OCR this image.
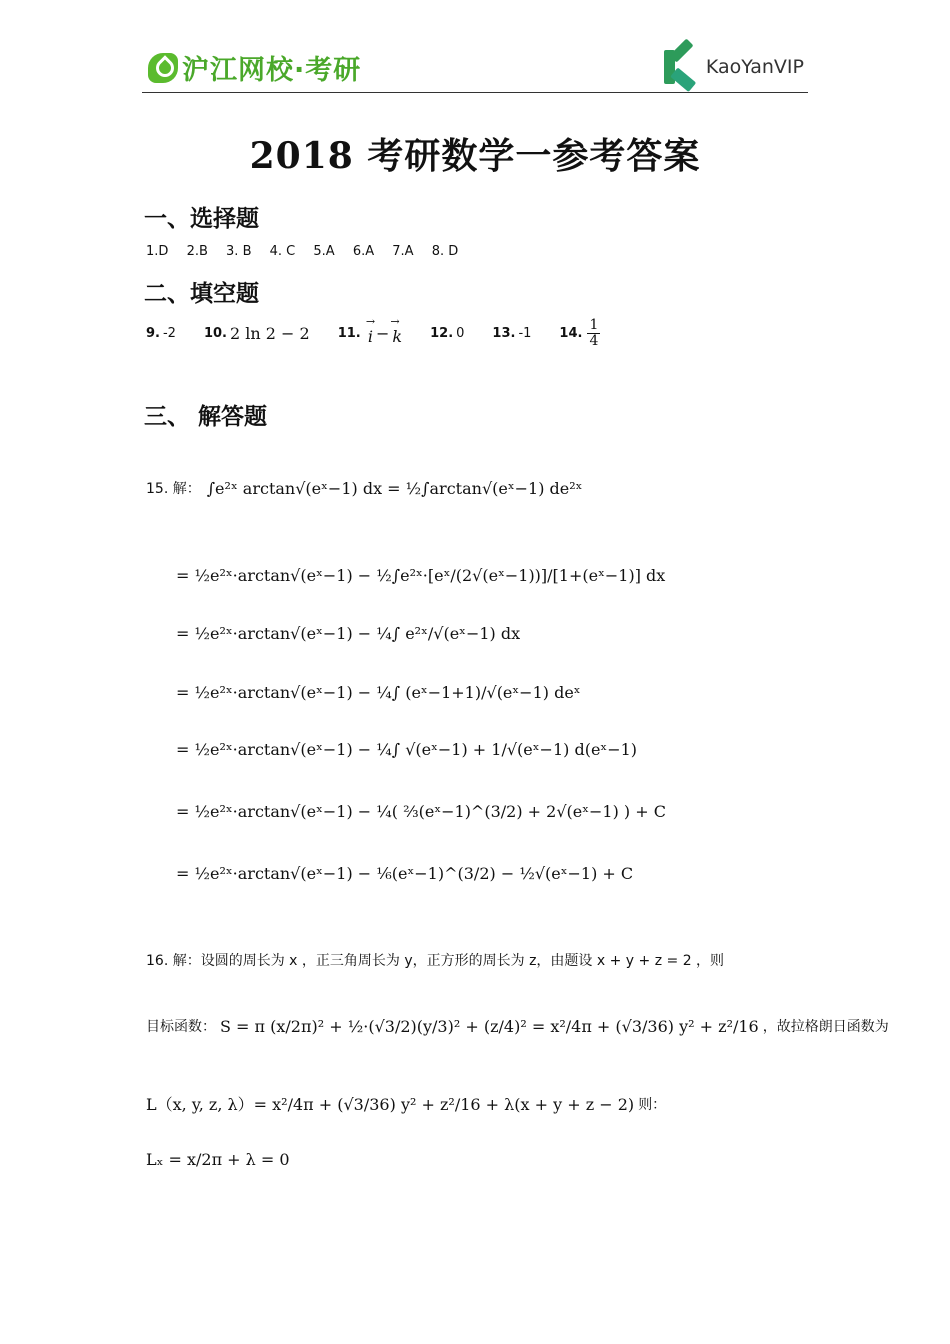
沪江网校·考研	KaoYanVIP
2018 考研数学一参考答案
一、选择题
1.D 2.B 3. B 4. C 5.A 6.A 7.A 8. D
二、填空题
9. -2 10. 2 ln 2 − 2 11.
→ i − → k 12. 0 13. -1 14. $\frac{1}{4}$
三、 解答题
15. 解： ∫e²ˣ arctan√(eˣ−1) dx = ½∫arctan√(eˣ−1) de²ˣ
= ½e²ˣ·arctan√(eˣ−1) − ½∫e²ˣ·[eˣ/(2√(eˣ−1))]/[1+(eˣ−1)] dx
= ½e²ˣ·arctan√(eˣ−1) − ¼∫ e²ˣ/√(eˣ−1) dx
= ½e²ˣ·arctan√(eˣ−1) − ¼∫ (eˣ−1+1)/√(eˣ−1) deˣ
= ½e²ˣ·arctan√(eˣ−1) − ¼∫ √(eˣ−1) + 1/√(eˣ−1) d(eˣ−1)
= ½e²ˣ·arctan√(eˣ−1) − ¼( ⅔(eˣ−1)^(3/2) + 2√(eˣ−1) ) + C
= ½e²ˣ·arctan√(eˣ−1) − ⅙(eˣ−1)^(3/2) − ½√(eˣ−1) + C
16. 解：设圆的周长为 x ，正三角周长为 y，正方形的周长为 z，由题设 x + y + z = 2 ，则
目标函数： S = π (x/2π)² + ½·(√3/2)(y/3)² + (z/4)² = x²/4π + (√3/36) y² + z²/16 ，故拉格朗日函数为
L（x, y, z, λ）= x²/4π + (√3/36) y² + z²/16 + λ(x + y + z − 2) 则：
Lₓ = x/2π + λ = 0
